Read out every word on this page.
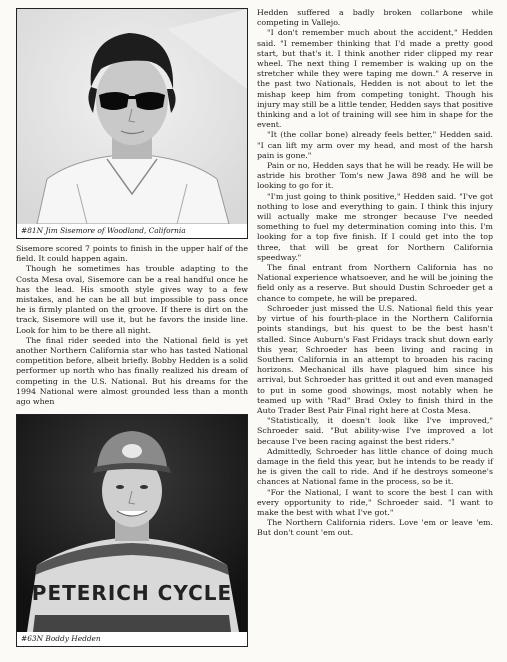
#81N Jim Sisemore of Woodland, California

Sisemore scored 7 points to finish in the upper half of the field. It could happen again.

Though he sometimes has trouble adapting to the Costa Mesa oval, Sisemore can be a real handful once he has the lead. His smooth style gives way to a few mistakes, and he can be all but impossible to pass once he is firmly planted on the groove. If there is dirt on the track, Sisemore will use it, but he favors the inside line. Look for him to be there all night.

The final rider seeded into the National field is yet another Northern California star who has tasted National competition before, albeit briefly. Bobby Hedden is a solid performer up north who has finally realized his dream of competing in the U.S. National. But his dreams for the 1994 National were almost grounded less than a month ago when

PETERICH CYCLE
#63N Boddy Hedden

Hedden suffered a badly broken collarbone while competing in Vallejo.

"I don't remember much about the accident," Hedden said. "I remember thinking that I'd made a pretty good start, but that's it. I think another rider clipped my rear wheel. The next thing I remember is waking up on the stretcher while they were taping me down." A reserve in the past two Nationals, Hedden is not about to let the mishap keep him from competing tonight. Though his injury may still be a little tender, Hedden says that positive thinking and a lot of training will see him in shape for the event.

"It (the collar bone) already feels better," Hedden said. "I can lift my arm over my head, and most of the harsh pain is gone."

Pain or no, Hedden says that he will be ready. He will be astride his brother Tom's new Jawa 898 and he will be looking to go for it.

"I'm just going to think positive," Hedden said. "I've got nothing to lose and everything to gain. I think this injury will actually make me stronger because I've needed something to fuel my determination coming into this. I'm looking for a top five finish. If I could get into the top three, that will be great for Northern California speedway."

The final entrant from Northern California has no National experience whatsoever, and he will be joining the field only as a reserve. But should Dustin Schroeder get a chance to compete, he will be prepared.

Schroeder just missed the U.S. National field this year by virtue of his fourth-place in the Northern California points standings, but his quest to be the best hasn't stalled. Since Auburn's Fast Fridays track shut down early this year, Schroeder has been living and racing in Southern California in an attempt to broaden his racing horizons. Mechanical ills have plagued him since his arrival, but Schroeder has gritted it out and even managed to put in some good showings, most notably when he teamed up with "Rad" Brad Oxley to finish third in the Auto Trader Best Pair Final right here at Costa Mesa.

"Statistically, it doesn't look like I've improved," Schroeder said. "But ability-wise I've improved a lot because I've been racing against the best riders."

Admittedly, Schroeder has little chance of doing much damage in the field this year, but he intends to be ready if he is given the call to ride. And if he destroys someone's chances at National fame in the process, so be it.

"For the National, I want to score the best I can with every opportunity to ride," Schroeder said. "I want to make the best with what I've got."

The Northern California riders. Love 'em or leave 'em. But don't count 'em out.
